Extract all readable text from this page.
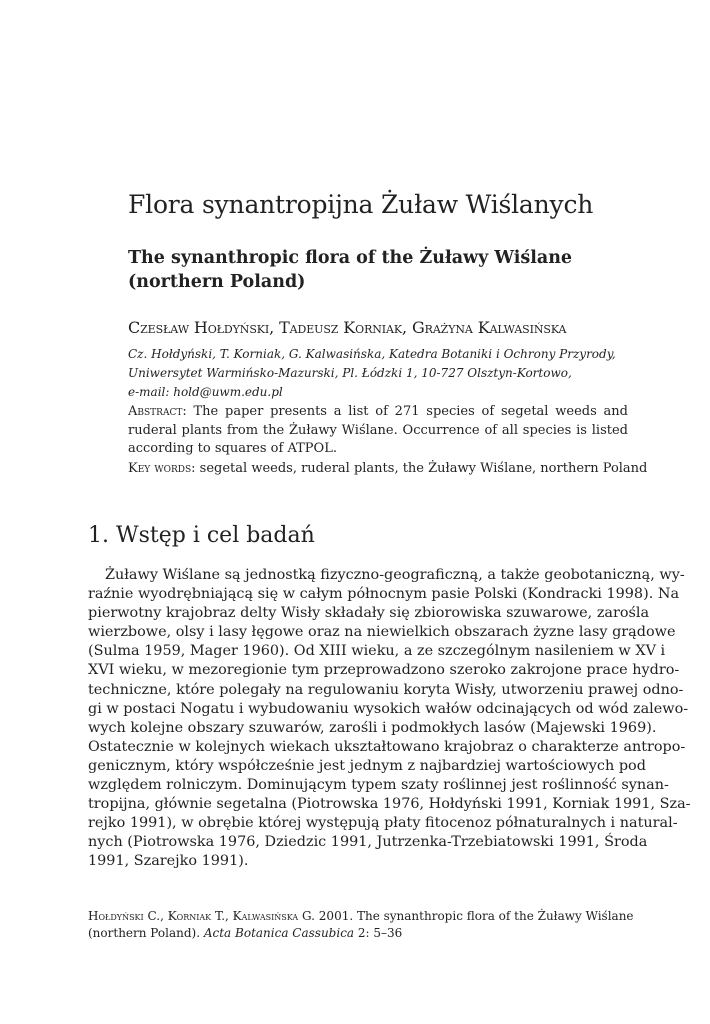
Flora synantropijna Żuław Wiślanych
The synanthropic flora of the Żuławy Wiślane
(northern Poland)
Czesław Hołdyński, Tadeusz Korniak, Grażyna Kalwasińska
Cz. Hołdyński, T. Korniak, G. Kalwasińska, Katedra Botaniki i Ochrony Przyrody,
Uniwersytet Warmińsko-Mazurski, Pl. Łódzki 1, 10-727 Olsztyn-Kortowo,
e-mail: hold@uwm.edu.pl
Abstract: The paper presents a list of 271 species of segetal weeds and ruderal plants from the Żuławy Wiślane. Occurrence of all species is listed according to squares of ATPOL.
Key words: segetal weeds, ruderal plants, the Żuławy Wiślane, northern Poland
1. Wstęp i cel badań
Żuławy Wiślane są jednostką fizyczno-geograficzną, a także geobotaniczną, wy-
raźnie wyodrębniającą się w całym północnym pasie Polski (Kondracki 1998). Na
pierwotny krajobraz delty Wisły składały się zbiorowiska szuwarowe, zarośla
wierzbowe, olsy i lasy łęgowe oraz na niewielkich obszarach żyzne lasy grądowe
(Sulma 1959, Mager 1960). Od XIII wieku, a ze szczególnym nasileniem w XV i
XVI wieku, w mezoregionie tym przeprowadzono szeroko zakrojone prace hydro-
techniczne, które polegały na regulowaniu koryta Wisły, utworzeniu prawej odno-
gi w postaci Nogatu i wybudowaniu wysokich wałów odcinających od wód zalewo-
wych kolejne obszary szuwarów, zarośli i podmokłych lasów (Majewski 1969).
Ostatecznie w kolejnych wiekach ukształtowano krajobraz o charakterze antropo-
genicznym, który współcześnie jest jednym z najbardziej wartościowych pod
względem rolniczym. Dominującym typem szaty roślinnej jest roślinność synan-
tropijna, głównie segetalna (Piotrowska 1976, Hołdyński 1991, Korniak 1991, Sza-
rejko 1991), w obrębie której występują płaty fitocenoz półnaturalnych i natural-
nych (Piotrowska 1976, Dziedzic 1991, Jutrzenka-Trzebiatowski 1991, Środa
1991, Szarejko 1991).
Hołdyński C., Korniak T., Kalwasińska G. 2001. The synanthropic flora of the Żuławy Wiślane
(northern Poland). Acta Botanica Cassubica 2: 5–36
